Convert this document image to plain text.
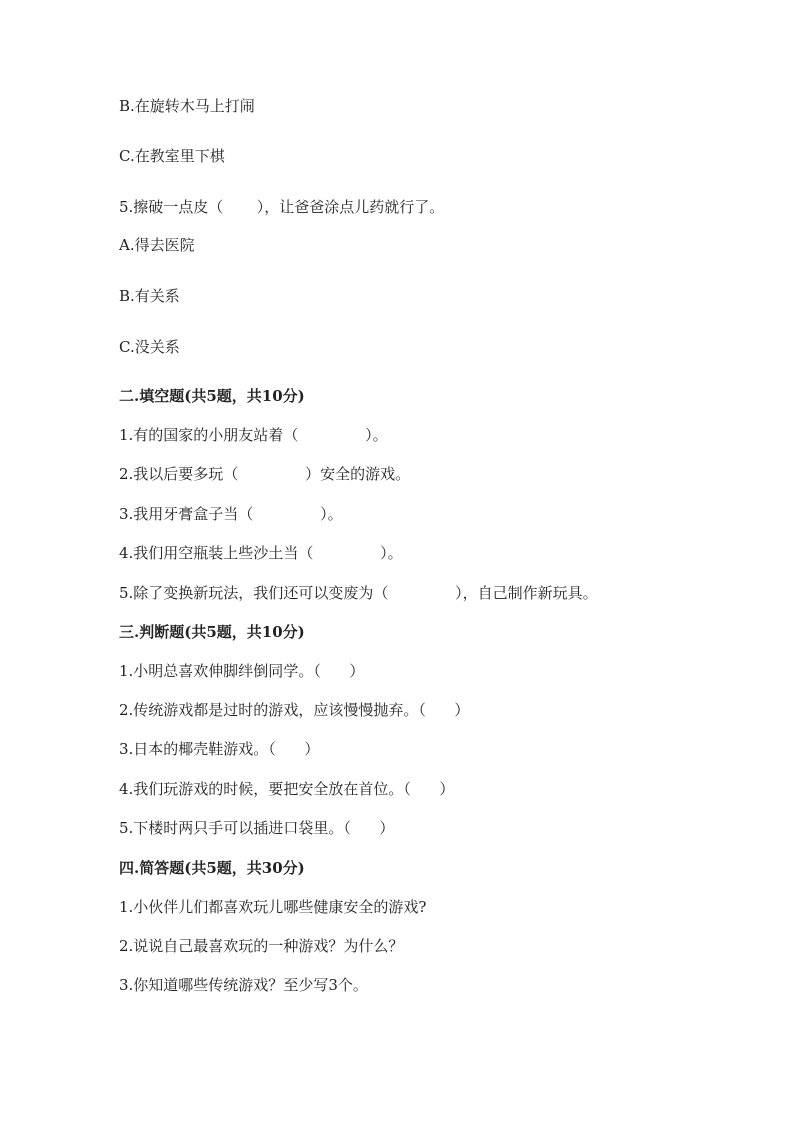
B.在旋转木马上打闹

C.在教室里下棋

5.擦破一点皮（       ），让爸爸涂点儿药就行了。

A.得去医院

B.有关系

C.没关系

二.填空题(共5题，共10分)

1.有的国家的小朋友站着（              ）。

2.我以后要多玩（              ）安全的游戏。

3.我用牙膏盒子当（              ）。

4.我们用空瓶装上些沙土当（              ）。

5.除了变换新玩法，我们还可以变废为（              ），自己制作新玩具。

三.判断题(共5题，共10分)

1.小明总喜欢伸脚绊倒同学。（      ）

2.传统游戏都是过时的游戏，应该慢慢抛弃。（      ）

3.日本的椰壳鞋游戏。（      ）

4.我们玩游戏的时候，要把安全放在首位。（      ）

5.下楼时两只手可以插进口袋里。（      ）

四.简答题(共5题，共30分)

1.小伙伴儿们都喜欢玩儿哪些健康安全的游戏?

2.说说自己最喜欢玩的一种游戏？为什么？

3.你知道哪些传统游戏？至少写3个。
